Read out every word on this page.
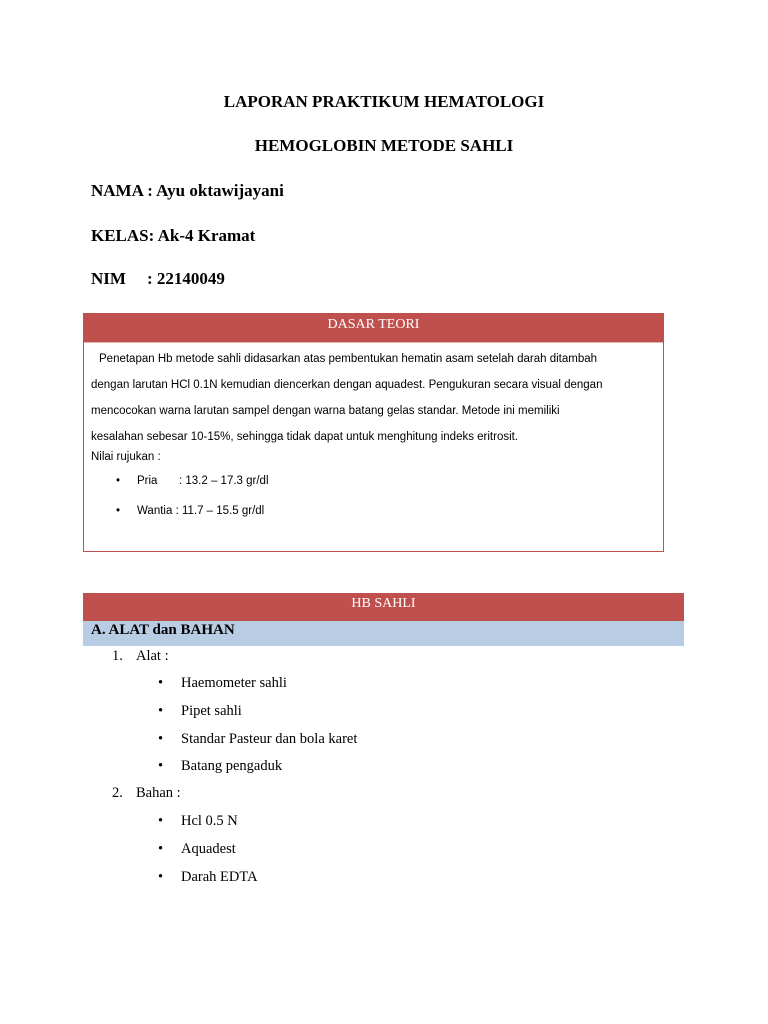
LAPORAN PRAKTIKUM HEMATOLOGI
HEMOGLOBIN METODE SAHLI
NAMA : Ayu oktawijayani
KELAS: Ak-4 Kramat
NIM : 22140049
DASAR TEORI
Penetapan Hb metode sahli didasarkan atas pembentukan hematin asam setelah darah ditambah
dengan larutan HCl 0.1N kemudian diencerkan dengan aquadest. Pengukuran secara visual dengan
mencocokan warna larutan sampel dengan warna batang gelas standar. Metode ini memiliki
kesalahan sebesar 10-15%, sehingga tidak dapat untuk menghitung indeks eritrosit.
Nilai rujukan :
• Pria : 13.2 – 17.3 gr/dl
• Wantia : 11.7 – 15.5 gr/dl
HB SAHLI
A. ALAT dan BAHAN
1. Alat :
• Haemometer sahli
• Pipet sahli
• Standar Pasteur dan bola karet
• Batang pengaduk
2. Bahan :
• Hcl 0.5 N
• Aquadest
• Darah EDTA
